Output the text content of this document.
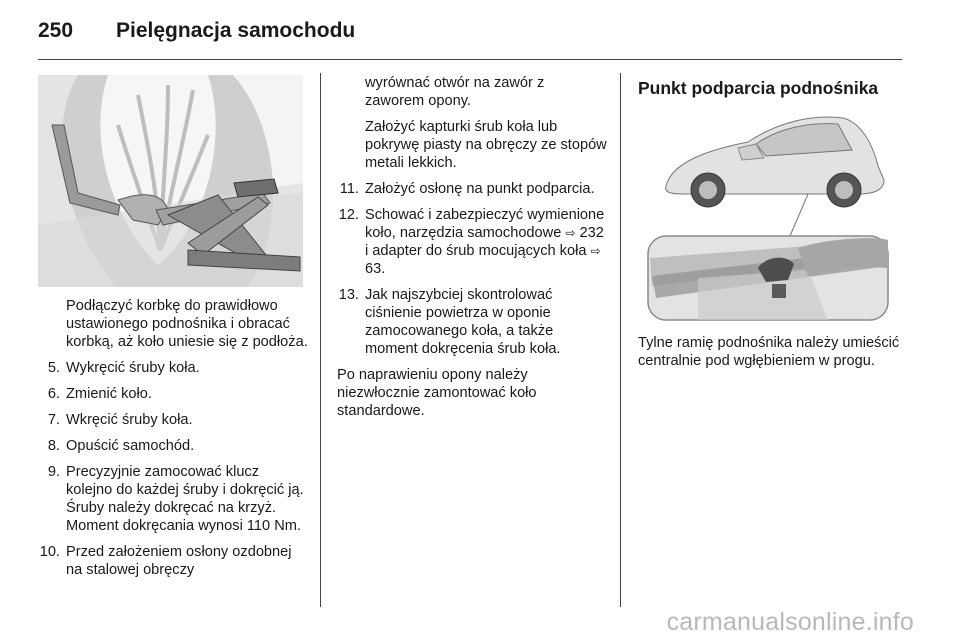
250	Pielęgnacja samochodu
Podłączyć korbkę do prawidłowo ustawionego podnośnika i obracać korbką, aż koło uniesie się z podłoża.
5. Wykręcić śruby koła.
6. Zmienić koło.
7. Wkręcić śruby koła.
8. Opuścić samochód.
9. Precyzyjnie zamocować klucz kolejno do każdej śruby i dokręcić ją. Śruby należy dokręcać na krzyż. Moment dokręcania wynosi 110 Nm.
10. Przed założeniem osłony ozdobnej na stalowej obręczy

wyrównać otwór na zawór z zaworem opony.

Założyć kapturki śrub koła lub pokrywę piasty na obręczy ze stopów metali lekkich.

11. Założyć osłonę na punkt podparcia.
12. Schować i zabezpieczyć wymienione koło, narzędzia samochodowe ⇨ 232 i adapter do śrub mocujących koła ⇨ 63.
13. Jak najszybciej skontrolować ciśnienie powietrza w oponie zamocowanego koła, a także moment dokręcenia śrub koła.
Po naprawieniu opony należy niezwłocznie zamontować koło standardowe.
Punkt podparcia podnośnika
Tylne ramię podnośnika należy umieścić centralnie pod wgłębieniem w progu.
carmanualsonline.info
